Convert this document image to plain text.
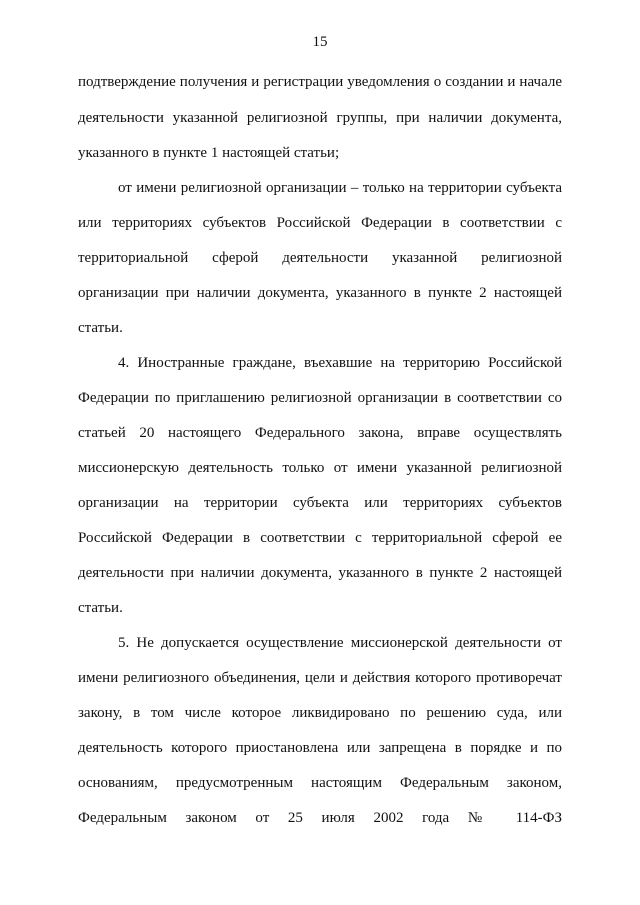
15
подтверждение получения и регистрации уведомления о создании и начале
деятельности указанной религиозной группы, при наличии документа,
указанного в пункте 1 настоящей статьи;
от имени религиозной организации – только на территории субъекта
или территориях субъектов Российской Федерации в соответствии с
территориальной сферой деятельности указанной религиозной
организации при наличии документа, указанного в пункте 2 настоящей
статьи.
4. Иностранные граждане, въехавшие на территорию Российской
Федерации по приглашению религиозной организации в соответствии со
статьей 20 настоящего Федерального закона, вправе осуществлять
миссионерскую деятельность только от имени указанной религиозной
организации на территории субъекта или территориях субъектов
Российской Федерации в соответствии с территориальной сферой ее
деятельности при наличии документа, указанного в пункте 2 настоящей
статьи.
5. Не допускается осуществление миссионерской деятельности от
имени религиозного объединения, цели и действия которого противоречат
закону, в том числе которое ликвидировано по решению суда, или
деятельность которого приостановлена или запрещена в порядке и по
основаниям, предусмотренным настоящим Федеральным законом,
Федеральным законом от 25 июля 2002 года № 114-ФЗ
